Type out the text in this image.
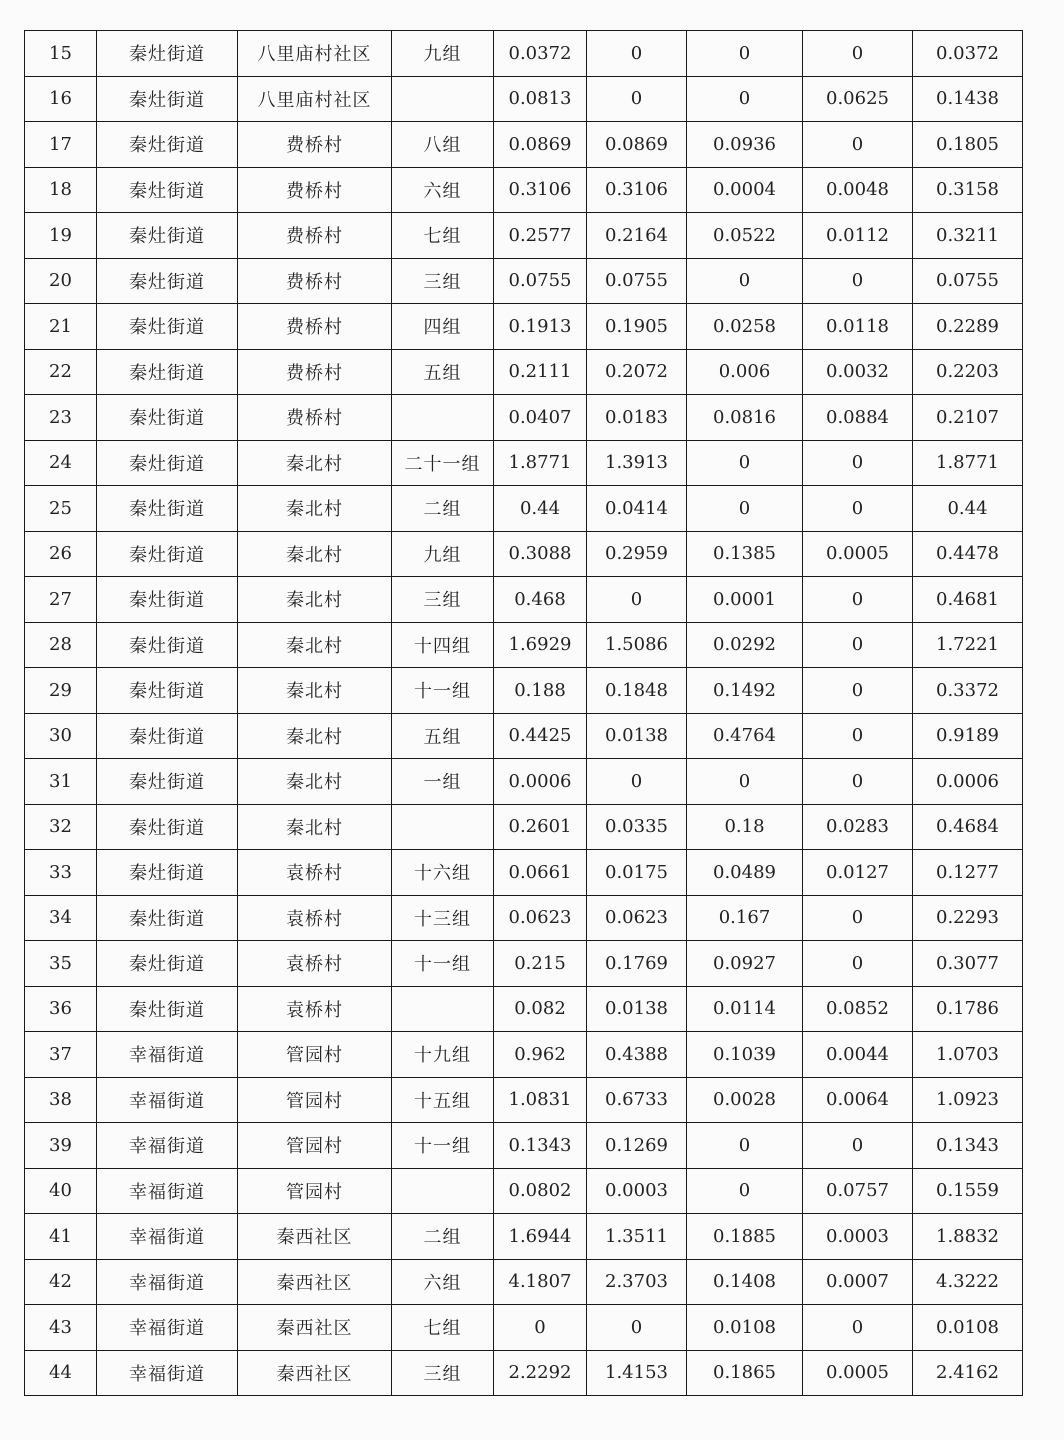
15	秦灶街道	八里庙村社区	九组	0.0372	0	0	0	0.0372
16	秦灶街道	八里庙村社区		0.0813	0	0	0.0625	0.1438
17	秦灶街道	费桥村	八组	0.0869	0.0869	0.0936	0	0.1805
18	秦灶街道	费桥村	六组	0.3106	0.3106	0.0004	0.0048	0.3158
19	秦灶街道	费桥村	七组	0.2577	0.2164	0.0522	0.0112	0.3211
20	秦灶街道	费桥村	三组	0.0755	0.0755	0	0	0.0755
21	秦灶街道	费桥村	四组	0.1913	0.1905	0.0258	0.0118	0.2289
22	秦灶街道	费桥村	五组	0.2111	0.2072	0.006	0.0032	0.2203
23	秦灶街道	费桥村		0.0407	0.0183	0.0816	0.0884	0.2107
24	秦灶街道	秦北村	二十一组	1.8771	1.3913	0	0	1.8771
25	秦灶街道	秦北村	二组	0.44	0.0414	0	0	0.44
26	秦灶街道	秦北村	九组	0.3088	0.2959	0.1385	0.0005	0.4478
27	秦灶街道	秦北村	三组	0.468	0	0.0001	0	0.4681
28	秦灶街道	秦北村	十四组	1.6929	1.5086	0.0292	0	1.7221
29	秦灶街道	秦北村	十一组	0.188	0.1848	0.1492	0	0.3372
30	秦灶街道	秦北村	五组	0.4425	0.0138	0.4764	0	0.9189
31	秦灶街道	秦北村	一组	0.0006	0	0	0	0.0006
32	秦灶街道	秦北村		0.2601	0.0335	0.18	0.0283	0.4684
33	秦灶街道	袁桥村	十六组	0.0661	0.0175	0.0489	0.0127	0.1277
34	秦灶街道	袁桥村	十三组	0.0623	0.0623	0.167	0	0.2293
35	秦灶街道	袁桥村	十一组	0.215	0.1769	0.0927	0	0.3077
36	秦灶街道	袁桥村		0.082	0.0138	0.0114	0.0852	0.1786
37	幸福街道	管园村	十九组	0.962	0.4388	0.1039	0.0044	1.0703
38	幸福街道	管园村	十五组	1.0831	0.6733	0.0028	0.0064	1.0923
39	幸福街道	管园村	十一组	0.1343	0.1269	0	0	0.1343
40	幸福街道	管园村		0.0802	0.0003	0	0.0757	0.1559
41	幸福街道	秦西社区	二组	1.6944	1.3511	0.1885	0.0003	1.8832
42	幸福街道	秦西社区	六组	4.1807	2.3703	0.1408	0.0007	4.3222
43	幸福街道	秦西社区	七组	0	0	0.0108	0	0.0108
44	幸福街道	秦西社区	三组	2.2292	1.4153	0.1865	0.0005	2.4162
